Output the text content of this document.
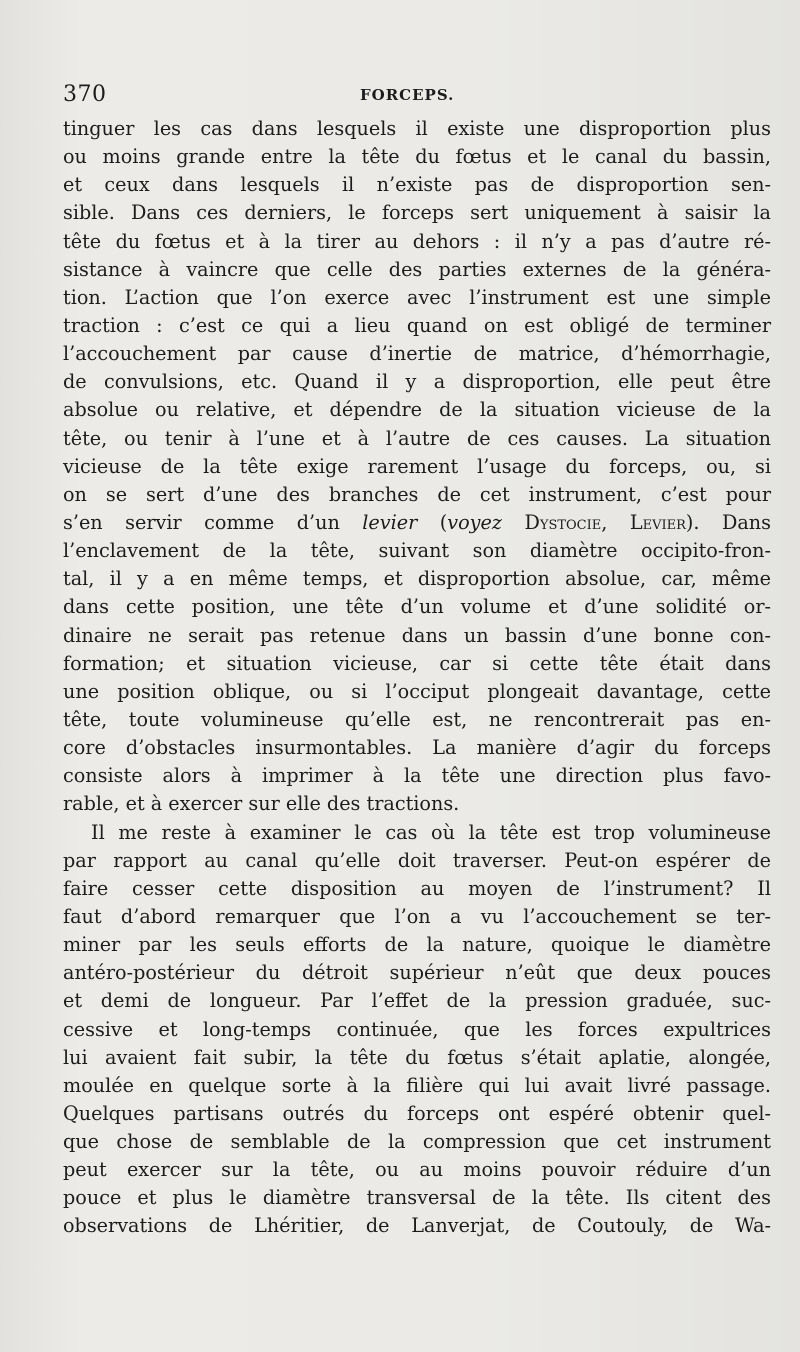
370	FORCEPS.
tinguer les cas dans lesquels il existe une disproportion plus
ou moins grande entre la tête du fœtus et le canal du bassin,
et ceux dans lesquels il n’existe pas de disproportion sen-
sible. Dans ces derniers, le forceps sert uniquement à saisir la
tête du fœtus et à la tirer au dehors : il n’y a pas d’autre ré-
sistance à vaincre que celle des parties externes de la généra-
tion. L’action que l’on exerce avec l’instrument est une simple
traction : c’est ce qui a lieu quand on est obligé de terminer
l’accouchement par cause d’inertie de matrice, d’hémorrhagie,
de convulsions, etc. Quand il y a disproportion, elle peut être
absolue ou relative, et dépendre de la situation vicieuse de la
tête, ou tenir à l’une et à l’autre de ces causes. La situation
vicieuse de la tête exige rarement l’usage du forceps, ou, si
on se sert d’une des branches de cet instrument, c’est pour
s’en servir comme d’un levier (voyez Dystocie, Levier). Dans
l’enclavement de la tête, suivant son diamètre occipito-fron-
tal, il y a en même temps, et disproportion absolue, car, même
dans cette position, une tête d’un volume et d’une solidité or-
dinaire ne serait pas retenue dans un bassin d’une bonne con-
formation; et situation vicieuse, car si cette tête était dans
une position oblique, ou si l’occiput plongeait davantage, cette
tête, toute volumineuse qu’elle est, ne rencontrerait pas en-
core d’obstacles insurmontables. La manière d’agir du forceps
consiste alors à imprimer à la tête une direction plus favo-
rable, et à exercer sur elle des tractions.
Il me reste à examiner le cas où la tête est trop volumineuse
par rapport au canal qu’elle doit traverser. Peut-on espérer de
faire cesser cette disposition au moyen de l’instrument? Il
faut d’abord remarquer que l’on a vu l’accouchement se ter-
miner par les seuls efforts de la nature, quoique le diamètre
antéro-postérieur du détroit supérieur n’eût que deux pouces
et demi de longueur. Par l’effet de la pression graduée, suc-
cessive et long-temps continuée, que les forces expultrices
lui avaient fait subir, la tête du fœtus s’était aplatie, alongée,
moulée en quelque sorte à la filière qui lui avait livré passage.
Quelques partisans outrés du forceps ont espéré obtenir quel-
que chose de semblable de la compression que cet instrument
peut exercer sur la tête, ou au moins pouvoir réduire d’un
pouce et plus le diamètre transversal de la tête. Ils citent des
observations de Lhéritier, de Lanverjat, de Coutouly, de Wa-
